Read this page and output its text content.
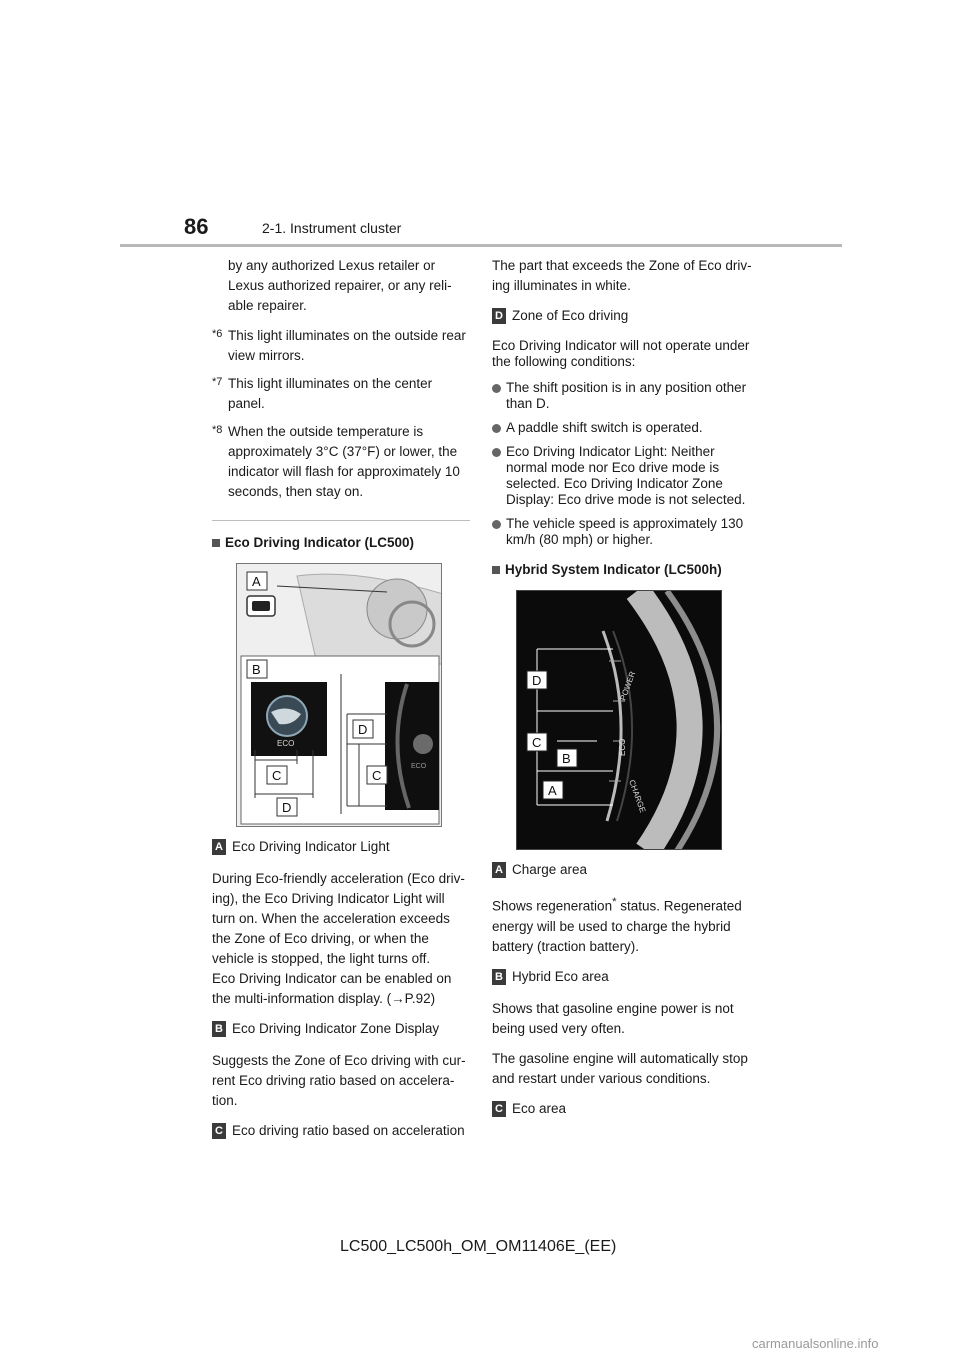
86	2-1. Instrument cluster
by any authorized Lexus retailer or Lexus authorized repairer, or any reli-able repairer.
*6 This light illuminates on the outside rear view mirrors.
*7 This light illuminates on the center panel.
*8 When the outside temperature is approximately 3°C (37°F) or lower, the indicator will flash for approximately 10 seconds, then stay on.
Eco Driving Indicator (LC500)
A
B
ECO
C
D
D
C
ECO
A Eco Driving Indicator Light
During Eco-friendly acceleration (Eco driv-ing), the Eco Driving Indicator Light will turn on. When the acceleration exceeds the Zone of Eco driving, or when the vehicle is stopped, the light turns off.
Eco Driving Indicator can be enabled on the multi-information display. (→P.92)
B Eco Driving Indicator Zone Display
Suggests the Zone of Eco driving with cur-rent Eco driving ratio based on accelera-tion.
C Eco driving ratio based on acceleration
The part that exceeds the Zone of Eco driv-ing illuminates in white.
D Zone of Eco driving
Eco Driving Indicator will not operate under the following conditions:
The shift position is in any position other than D.
A paddle shift switch is operated.
Eco Driving Indicator Light: Neither normal mode nor Eco drive mode is selected. Eco Driving Indicator Zone Display: Eco drive mode is not selected.
The vehicle speed is approximately 130 km/h (80 mph) or higher.
Hybrid System Indicator (LC500h)
POWER
ECO
CHARGE
D
C
B
A
A Charge area
Shows regeneration* status. Regenerated energy will be used to charge the hybrid battery (traction battery).
B Hybrid Eco area
Shows that gasoline engine power is not being used very often.
The gasoline engine will automatically stop and restart under various conditions.
C Eco area
LC500_LC500h_OM_OM11406E_(EE)
carmanualsonline.info
